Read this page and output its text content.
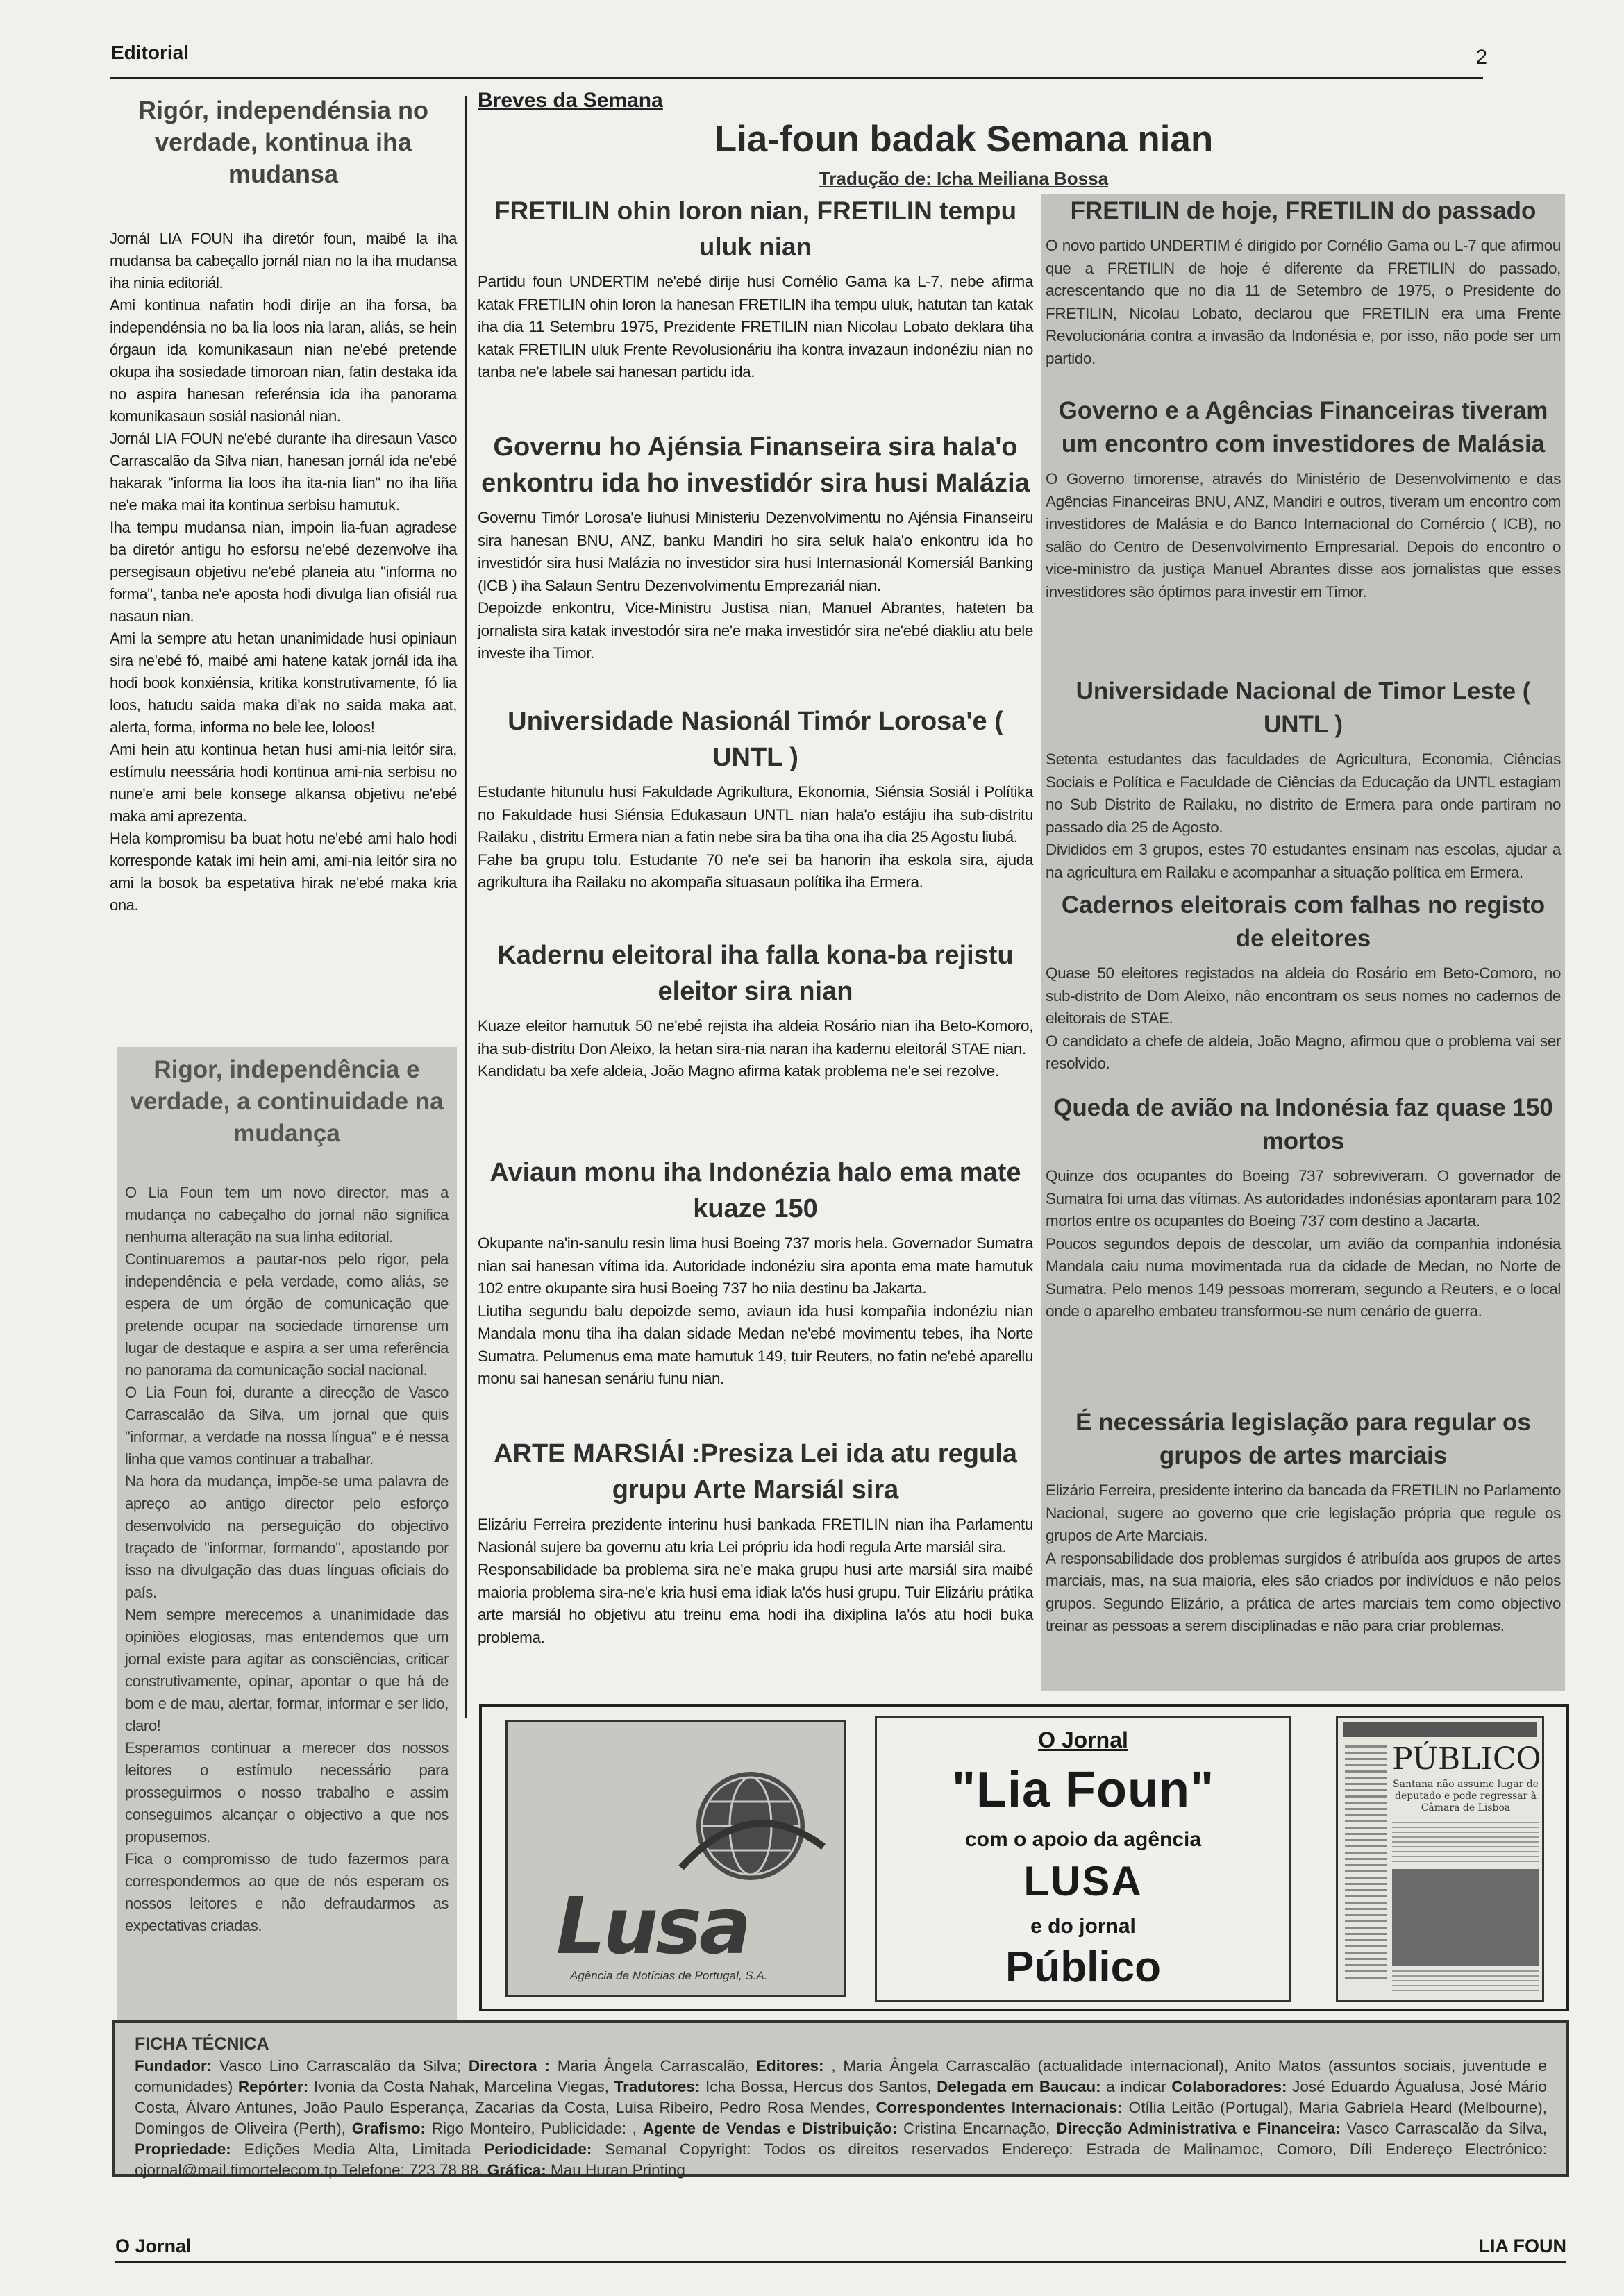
Editorial	2
Rigór, independénsia no verdade, kontinua iha mudansa

Jornál LIA FOUN iha diretór foun, maibé la iha mudansa ba cabeçallo jornál nian no la iha mudansa iha ninia editoriál.

Ami kontinua nafatin hodi dirije an iha forsa, ba independénsia no ba lia loos nia laran, aliás, se hein órgaun ida komunikasaun nian ne'ebé pretende okupa iha sosiedade timoroan nian, fatin destaka ida no aspira hanesan referénsia ida iha panorama komunikasaun sosiál nasionál nian.

Jornál LIA FOUN ne'ebé durante iha diresaun Vasco Carrascalão da Silva nian, hanesan jornál ida ne'ebé hakarak "informa lia loos iha ita-nia lian" no iha liña ne'e maka mai ita kontinua serbisu hamutuk.

Iha tempu mudansa nian, impoin lia-fuan agradese ba diretór antigu ho esforsu ne'ebé dezenvolve iha persegisaun objetivu ne'ebé planeia atu "informa no forma", tanba ne'e aposta hodi divulga lian ofisiál rua nasaun nian.

Ami la sempre atu hetan unanimidade husi opiniaun sira ne'ebé fó, maibé ami hatene katak jornál ida iha hodi book konxiénsia, kritika konstrutivamente, fó lia loos, hatudu saida maka di'ak no saida maka aat, alerta, forma, informa no bele lee, loloos!

Ami hein atu kontinua hetan husi ami-nia leitór sira, estímulu neessária hodi kontinua ami-nia serbisu no nune'e ami bele konsege alkansa objetivu ne'ebé maka ami aprezenta.

Hela kompromisu ba buat hotu ne'ebé ami halo hodi korresponde katak imi hein ami, ami-nia leitór sira no ami la bosok ba espetativa hirak ne'ebé maka kria ona.

Rigor, independência e verdade, a continuidade na mudança

O Lia Foun tem um novo director, mas a mudança no cabeçalho do jornal não significa nenhuma alteração na sua linha editorial.

Continuaremos a pautar-nos pelo rigor, pela independência e pela verdade, como aliás, se espera de um órgão de comunicação que pretende ocupar na sociedade timorense um lugar de destaque e aspira a ser uma referência no panorama da comunicação social nacional.

O Lia Foun foi, durante a direcção de Vasco Carrascalão da Silva, um jornal que quis "informar, a verdade na nossa língua" e é nessa linha que vamos continuar a trabalhar.

Na hora da mudança, impõe-se uma palavra de apreço ao antigo director pelo esforço desenvolvido na perseguição do objectivo traçado de "informar, formando", apostando por isso na divulgação das duas línguas oficiais do país.

Nem sempre merecemos a unanimidade das opiniões elogiosas, mas entendemos que um jornal existe para agitar as consciências, criticar construtivamente, opinar, apontar o que há de bom e de mau, alertar, formar, informar e ser lido, claro!

Esperamos continuar a merecer dos nossos leitores o estímulo necessário para prosseguirmos o nosso trabalho e assim conseguimos alcançar o objectivo a que nos propusemos.

Fica o compromisso de tudo fazermos para correspondermos ao que de nós esperam os nossos leitores e não defraudarmos as expectativas criadas.

Breves da Semana
Lia-foun badak Semana nian
Tradução de: Icha Meiliana Bossa
FRETILIN ohin loron nian, FRETILIN tempu uluk nian

Partidu foun UNDERTIM ne'ebé dirije husi Cornélio Gama ka L-7, nebe afirma katak FRETILIN ohin loron la hanesan FRETILIN iha tempu uluk, hatutan tan katak iha dia 11 Setembru 1975, Prezidente FRETILIN nian Nicolau Lobato deklara tiha katak FRETILIN uluk Frente Revolusionáriu iha kontra invazaun indonéziu nian no tanba ne'e labele sai hanesan partidu ida.

Governu ho Ajénsia Finanseira sira hala'o enkontru ida ho investidór sira husi Malázia

Governu Timór Lorosa'e liuhusi Ministeriu Dezenvolvimentu no Ajénsia Finanseiru sira hanesan BNU, ANZ, banku Mandiri ho sira seluk hala'o enkontru ida ho investidór sira husi Malázia no investidor sira husi Internasionál Komersiál Banking (ICB ) iha Salaun Sentru Dezenvolvimentu Emprezariál nian.

Depoizde enkontru, Vice-Ministru Justisa nian, Manuel Abrantes, hateten ba jornalista sira katak investodór sira ne'e maka investidór sira ne'ebé diakliu atu bele investe iha Timor.

Universidade Nasionál Timór Lorosa'e ( UNTL )

Estudante hitunulu husi Fakuldade Agrikultura, Ekonomia, Siénsia Sosiál i Polítika no Fakuldade husi Siénsia Edukasaun UNTL nian hala'o estájiu iha sub-distritu Railaku , distritu Ermera nian a fatin nebe sira ba tiha ona iha dia 25 Agostu liubá.

Fahe ba grupu tolu. Estudante 70 ne'e sei ba hanorin iha eskola sira, ajuda agrikultura iha Railaku no akompaña situasaun polítika iha Ermera.

Kadernu eleitoral iha falla kona-ba rejistu eleitor sira nian

Kuaze eleitor hamutuk 50 ne'ebé rejista iha aldeia Rosário nian iha Beto-Komoro, iha sub-distritu Don Aleixo, la hetan sira-nia naran iha kadernu eleitorál STAE nian.

Kandidatu ba xefe aldeia, João Magno afirma katak problema ne'e sei rezolve.

Aviaun monu iha Indonézia halo ema mate kuaze 150

Okupante na'in-sanulu resin lima husi Boeing 737 moris hela. Governador Sumatra nian sai hanesan vítima ida. Autoridade indonéziu sira aponta ema mate hamutuk 102 entre okupante sira husi Boeing 737 ho niia destinu ba Jakarta.

Liutiha segundu balu depoizde semo, aviaun ida husi kompañia indonéziu nian Mandala monu tiha iha dalan sidade Medan ne'ebé movimentu tebes, iha Norte Sumatra. Pelumenus ema mate hamutuk 149, tuir Reuters, no fatin ne'ebé aparellu monu sai hanesan senáriu funu nian.

ARTE MARSIÁI :Presiza Lei ida atu regula grupu Arte Marsiál sira

Elizáriu Ferreira prezidente interinu husi bankada FRETILIN nian iha Parlamentu Nasionál sujere ba governu atu kria Lei própriu ida hodi regula Arte marsiál sira.

Responsabilidade ba problema sira ne'e maka grupu husi arte marsiál sira maibé maioria problema sira-ne'e kria husi ema idiak la'ós husi grupu. Tuir Elizáriu prátika arte marsiál ho objetivu atu treinu ema hodi iha dixiplina la'ós atu hodi buka problema.

FRETILIN de hoje, FRETILIN do passado

O novo partido UNDERTIM é dirigido por Cornélio Gama ou L-7 que afirmou que a FRETILIN de hoje é diferente da FRETILIN do passado, acrescentando que no dia 11 de Setembro de 1975, o Presidente do FRETILIN, Nicolau Lobato, declarou que FRETILIN era uma Frente Revolucionária contra a invasão da Indonésia e, por isso, não pode ser um partido.

Governo e a Agências Financeiras tiveram um encontro com investidores de Malásia

O Governo timorense, através do Ministério de Desenvolvimento e das Agências Financeiras BNU, ANZ, Mandiri e outros, tiveram um encontro com investidores de Malásia e do Banco Internacional do Comércio ( ICB), no salão do Centro de Desenvolvimento Empresarial. Depois do encontro o vice-ministro da justiça Manuel Abrantes disse aos jornalistas que esses investidores são óptimos para investir em Timor.

Universidade Nacional de Timor Leste ( UNTL )

Setenta estudantes das faculdades de Agricultura, Economia, Ciências Sociais e Política e Faculdade de Ciências da Educação da UNTL estagiam no Sub Distrito de Railaku, no distrito de Ermera para onde partiram no passado dia 25 de Agosto.

Divididos em 3 grupos, estes 70 estudantes ensinam nas escolas, ajudar a na agricultura em Railaku e acompanhar a situação política em Ermera.

Cadernos eleitorais com falhas no registo de eleitores

Quase 50 eleitores registados na aldeia do Rosário em Beto-Comoro, no sub-distrito de Dom Aleixo, não encontram os seus nomes no cadernos de eleitorais de STAE.

O candidato a chefe de aldeia, João Magno, afirmou que o problema vai ser resolvido.

Queda de avião na Indonésia faz quase 150 mortos

Quinze dos ocupantes do Boeing 737 sobreviveram. O governador de Sumatra foi uma das vítimas. As autoridades indonésias apontaram para 102 mortos entre os ocupantes do Boeing 737 com destino a Jacarta.

Poucos segundos depois de descolar, um avião da companhia indonésia Mandala caiu numa movimentada rua da cidade de Medan, no Norte de Sumatra. Pelo menos 149 pessoas morreram, segundo a Reuters, e o local onde o aparelho embateu transformou-se num cenário de guerra.

É necessária legislação para regular os grupos de artes marciais

Elizário Ferreira, presidente interino da bancada da FRETILIN no Parlamento Nacional, sugere ao governo que crie legislação própria que regule os grupos de Arte Marciais.

A responsabilidade dos problemas surgidos é atribuída aos grupos de artes marciais, mas, na sua maioria, eles são criados por indivíduos e não pelos grupos. Segundo Elizário, a prática de artes marciais tem como objectivo treinar as pessoas a serem disciplinadas e não para criar problemas.

Lusa
Agência de Notícias de Portugal, S.A.
O Jornal
"Lia Foun"
com o apoio da agência
LUSA
e do jornal
Público
PÚBLICO
Santana não assume lugar de deputado e pode regressar à Câmara de Lisboa
FICHA TÉCNICA

Fundador: Vasco Lino Carrascalão da Silva; Directora : Maria Ângela Carrascalão, Editores: , Maria Ângela Carrascalão (actualidade internacional), Anito Matos (assuntos sociais, juventude e comunidades) Repórter: Ivonia da Costa Nahak, Marcelina Viegas, Tradutores: Icha Bossa, Hercus dos Santos, Delegada em Baucau: a indicar Colaboradores: José Eduardo Águalusa, José Mário Costa, Álvaro Antunes, João Paulo Esperança, Zacarias da Costa, Luisa Ribeiro, Pedro Rosa Mendes, Correspondentes Internacionais: Otília Leitão (Portugal), Maria Gabriela Heard (Melbourne), Domingos de Oliveira (Perth), Grafismo: Rigo Monteiro, Publicidade: , Agente de Vendas e Distribuição: Cristina Encarnação, Direcção Administrativa e Financeira: Vasco Carrascalão da Silva, Propriedade: Edições Media Alta, Limitada Periodicidade: Semanal Copyright: Todos os direitos reservados Endereço: Estrada de Malinamoc, Comoro, Díli Endereço Electrónico: ojornal@mail.timortelecom.tp Telefone: 723 78 88, Gráfica: Mau Huran Printing

O Jornal	LIA FOUN
